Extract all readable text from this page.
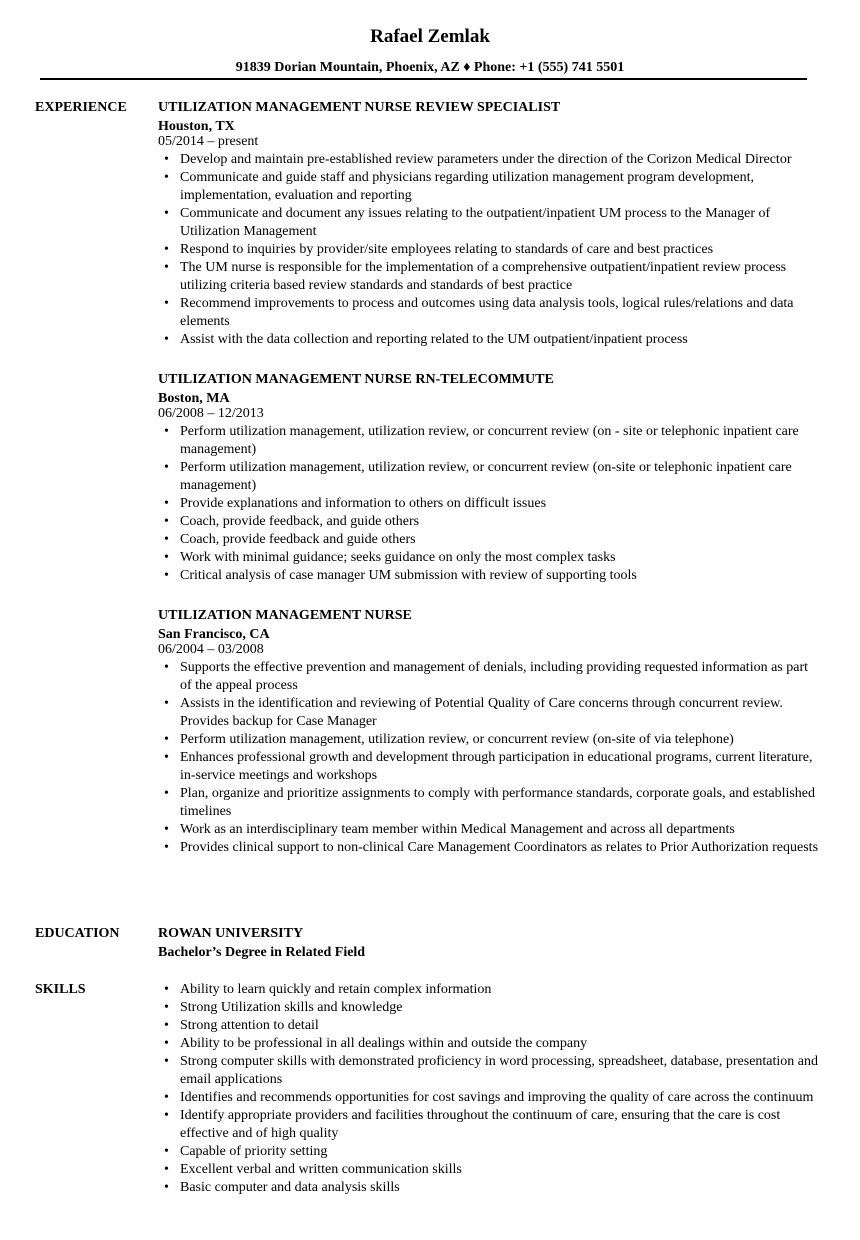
Rafael Zemlak
91839 Dorian Mountain, Phoenix, AZ ♦ Phone: +1 (555) 741 5501
EXPERIENCE UTILIZATION MANAGEMENT NURSE REVIEW SPECIALIST
Houston, TX
05/2014 – present
• Develop and maintain pre-established review parameters under the direction of the Corizon Medical Director
• Communicate and guide staff and physicians regarding utilization management program development, implementation, evaluation and reporting
• Communicate and document any issues relating to the outpatient/inpatient UM process to the Manager of Utilization Management
• Respond to inquiries by provider/site employees relating to standards of care and best practices
• The UM nurse is responsible for the implementation of a comprehensive outpatient/inpatient review process utilizing criteria based review standards and standards of best practice
• Recommend improvements to process and outcomes using data analysis tools, logical rules/relations and data elements
• Assist with the data collection and reporting related to the UM outpatient/inpatient process
UTILIZATION MANAGEMENT NURSE RN-TELECOMMUTE
Boston, MA
06/2008 – 12/2013
• Perform utilization management, utilization review, or concurrent review (on - site or telephonic inpatient care management)
• Perform utilization management, utilization review, or concurrent review (on-site or telephonic inpatient care management)
• Provide explanations and information to others on difficult issues
• Coach, provide feedback, and guide others
• Coach, provide feedback and guide others
• Work with minimal guidance; seeks guidance on only the most complex tasks
• Critical analysis of case manager UM submission with review of supporting tools
UTILIZATION MANAGEMENT NURSE
San Francisco, CA
06/2004 – 03/2008
• Supports the effective prevention and management of denials, including providing requested information as part of the appeal process
• Assists in the identification and reviewing of Potential Quality of Care concerns through concurrent review. Provides backup for Case Manager
• Perform utilization management, utilization review, or concurrent review (on-site of via telephone)
• Enhances professional growth and development through participation in educational programs, current literature, in-service meetings and workshops
• Plan, organize and prioritize assignments to comply with performance standards, corporate goals, and established timelines
• Work as an interdisciplinary team member within Medical Management and across all departments
• Provides clinical support to non-clinical Care Management Coordinators as relates to Prior Authorization requests
EDUCATION	ROWAN UNIVERSITY
Bachelor’s Degree in Related Field
SKILLS	• Ability to learn quickly and retain complex information
• Strong Utilization skills and knowledge
• Strong attention to detail
• Ability to be professional in all dealings within and outside the company
• Strong computer skills with demonstrated proficiency in word processing, spreadsheet, database, presentation and email applications
• Identifies and recommends opportunities for cost savings and improving the quality of care across the continuum
• Identify appropriate providers and facilities throughout the continuum of care, ensuring that the care is cost effective and of high quality
• Capable of priority setting
• Excellent verbal and written communication skills
• Basic computer and data analysis skills
